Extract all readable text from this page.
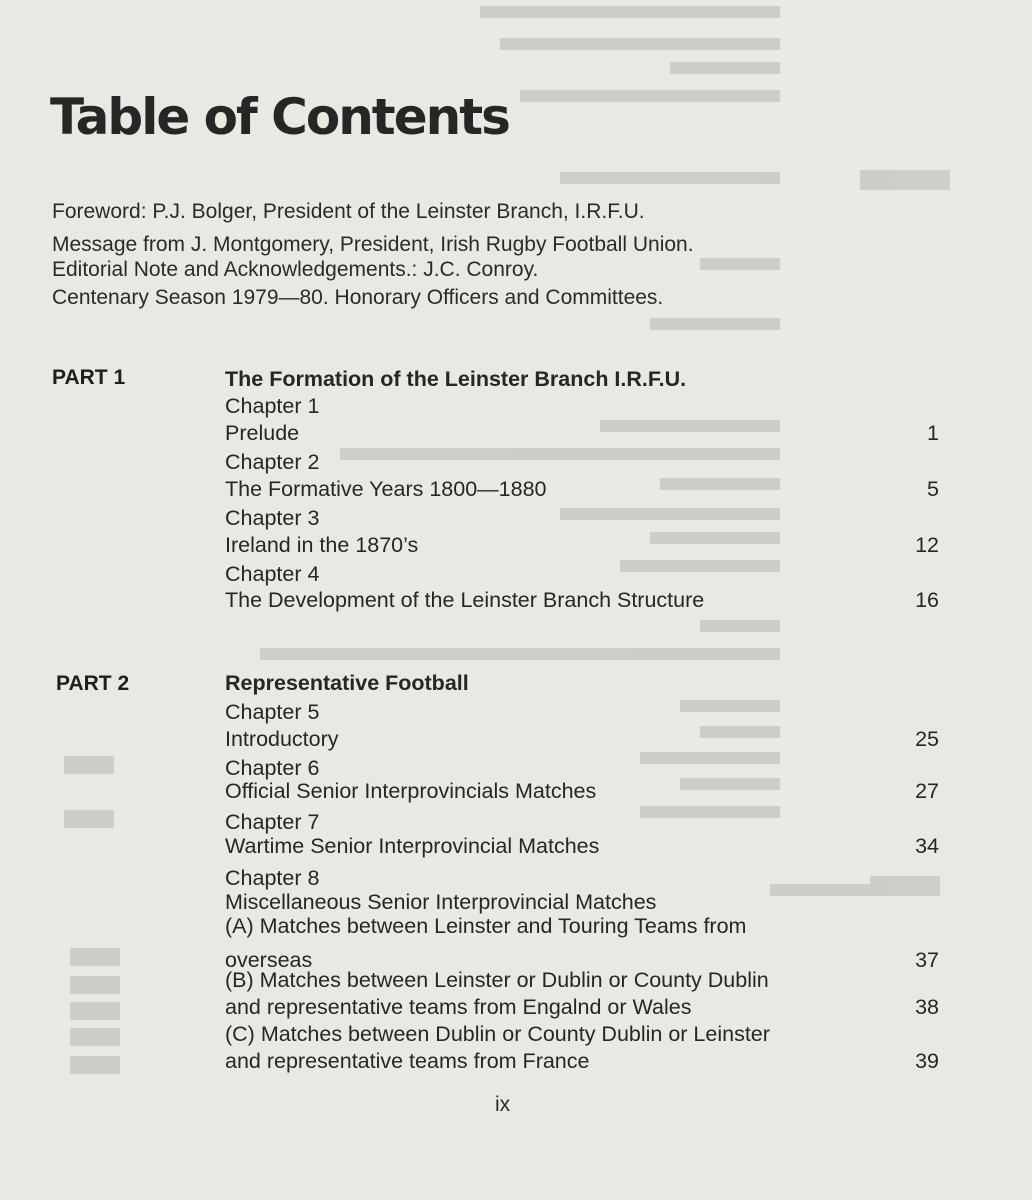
Table of Contents
Foreword: P.J. Bolger, President of the Leinster Branch, I.R.F.U.
Message from J. Montgomery, President, Irish Rugby Football Union.
Editorial Note and Acknowledgements.: J.C. Conroy.
Centenary Season 1979—80. Honorary Officers and Committees.
PART 1	The Formation of the Leinster Branch I.R.F.U.
Chapter 1
Prelude	1
Chapter 2
The Formative Years 1800—1880	5
Chapter 3
Ireland in the 1870’s	12
Chapter 4
The Development of the Leinster Branch Structure	16
PART 2	Representative Football
Chapter 5
Introductory	25
Chapter 6
Official Senior Interprovincials Matches	27
Chapter 7
Wartime Senior Interprovincial Matches	34
Chapter 8
Miscellaneous Senior Interprovincial Matches
(A) Matches between Leinster and Touring Teams from
overseas	37
(B) Matches between Leinster or Dublin or County Dublin
and representative teams from Engalnd or Wales	38
(C) Matches between Dublin or County Dublin or Leinster
and representative teams from France	39
ix
